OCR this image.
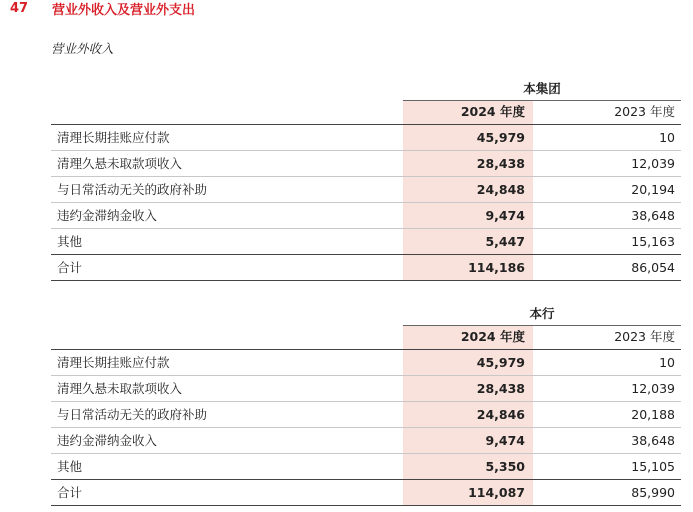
47	营业外收入及营业外支出
营业外收入
本集团
2024 年度	2023 年度
清理长期挂账应付款	45,979	10
清理久悬未取款项收入	28,438	12,039
与日常活动无关的政府补助	24,848	20,194
违约金滞纳金收入	9,474	38,648
其他	5,447	15,163
合计	114,186	86,054
本行
2024 年度	2023 年度
清理长期挂账应付款	45,979	10
清理久悬未取款项收入	28,438	12,039
与日常活动无关的政府补助	24,846	20,188
违约金滞纳金收入	9,474	38,648
其他	5,350	15,105
合计	114,087	85,990
